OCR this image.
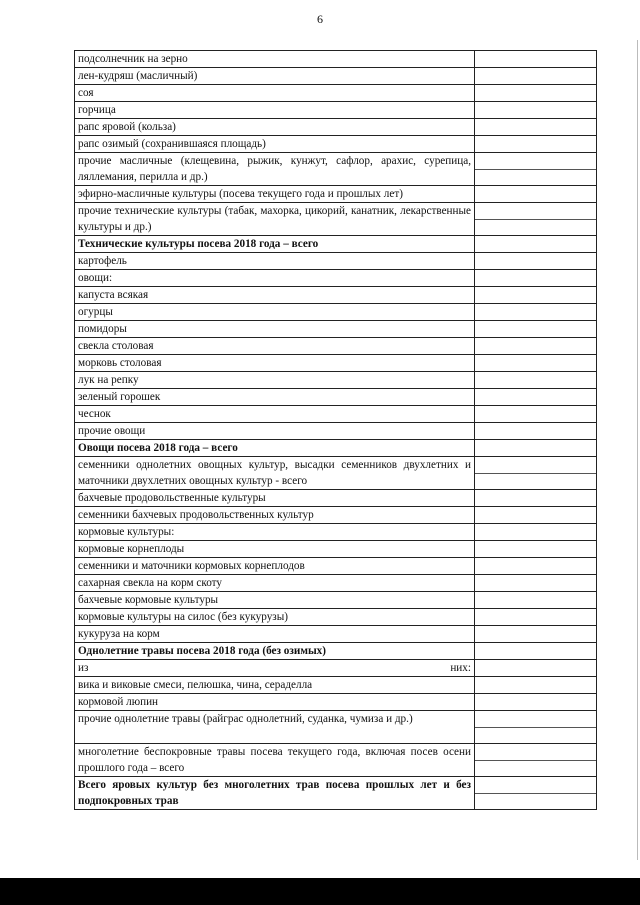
6
подсолнечник на зерно	
лен-кудряш (масличный)	
соя	
горчица	
рапс яровой (кольза)	
рапс озимый (сохранившаяся площадь)	
прочие масличные (клещевина, рыжик, кунжут, сафлор, арахис, сурепица, ляллемания, перилла и др.)	

эфирно-масличные культуры (посева текущего года и прошлых лет)	
прочие технические культуры (табак, махорка, цикорий, канатник, лекарственные культуры и др.)	

Технические культуры посева 2018 года – всего	
картофель	
овощи:	
капуста всякая	
огурцы	
помидоры	
свекла столовая	
морковь столовая	
лук на репку	
зеленый горошек	
чеснок	
прочие овощи	
Овощи посева 2018 года – всего	
семенники однолетних овощных культур, высадки семенников двухлетних и маточники двухлетних овощных культур - всего	

бахчевые продовольственные культуры	
семенники бахчевых продовольственных культур	
кормовые культуры:	
кормовые корнеплоды	
семенники и маточники кормовых корнеплодов	
сахарная свекла на корм скоту	
бахчевые кормовые культуры	
кормовые культуры на силос (без кукурузы)	
кукуруза на корм	
Однолетние травы посева 2018 года (без озимых)	
из них:	
вика и виковые смеси, пелюшка, чина, сераделла	
кормовой люпин	
прочие однолетние травы (райграс однолетний, суданка, чумиза и др.)	

многолетние беспокровные травы посева текущего года, включая посев осени прошлого года – всего	

Всего яровых культур без многолетних трав посева прошлых лет и без подпокровных трав	
